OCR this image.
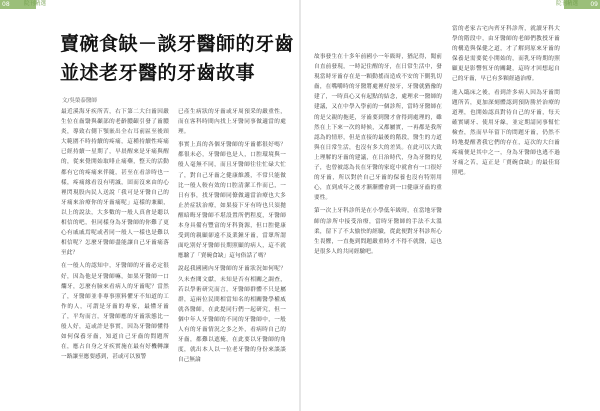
08	院刊精選	09
院刊精選
賣碗食缺－談牙醫師的牙齒
並述老牙醫的牙齒故事
文/吳榮泰醫師

最近溪海牙疾所苦，右下第二大臼齒因嚴生位在齒翳與顳部的老齡膿齦引發了齒膿炎，導致右側下顎嵌出全右耳前區至後頸大範圍不時持續的疼痛，這種持續性疼痛已經持續一星期了，早晨醒來是牙痛與醒的，從來覺開始取啡止痛藥，整天的活動都有它的疼痛來伴隨，甚至在看診時也一樣，疼痛緣看沒有明滅，固而沒來由的心裡閃現股內民人送說「我可是牙醫自己的牙痛來治療你的牙齒痛呢」這樣的兼顧，以上的說法，大多數的一般人真會是聽以相信的吧，但同樣身為牙醫師的你難了更心有戚戚焉呢或者同一般人一樣也是難以相信呢？怎麼牙醫師盡能讓自己牙齒痛落至此？

在一般人的認知中，牙醫師的牙齒必定很好，因為他是牙醫師嘛，如果牙醫師一口爛牙，怎麼有臉來看病人的牙齒呢？當然了，牙醫師並非專事照料懼牙不知道的工作的人，可謂是牙齒的專家，最懂牙齒了，平均而言，牙醫師應的牙齒狀態比一般人好，這或許是事實，因為牙醫師懂得如何保養牙齒，知道自己牙齒的問題所在，應占自身之牙疾實施在最有好機轉讓一路讓至應要感到，甚或可以預警

已產生病狀的牙齒或牙周預采的嚴重性，而在客科時間內找上牙醫同事做適當的處理。

事實上真的各個牙醫師的牙齒都很好嗎？都很未必，牙醫師也是人，口腔環境與一般人毫無不同，而且牙醫師往往忙碌大忙了，對自己牙齒之健康維護，不常只能做比一般人較有效的口腔清潔工作而已，一日有事，找牙醫師同僚做適當治療也大多止於症狀治療，如果接下牙有時也只須拋醒暗晦牙醫師不堪設置所們程度，牙醫師本身具備有豐富的牙科資源，但口腔健康受到的親顧卻遠不及業鐘牙齒，當眾所謂面吃別好牙醫師長期照顧的病人，這不就應驗了「賣碗食缺」這句俗話了嗎？

說起我國國內牙醫師的牙齒狀況如何呢？久未查閱文獻，未知是否有相關之調查，若以學術研究而言，牙醫師群體不只是屬群，這兩位民間相當知名的相關醫學權威就各醫師，在此提同行們一起研究，但一個中年人牙醫師的不同的牙醫師中，一般人有的牙齒情況之多之外，看病時自己的牙齒，都難以遮掩，在此要以牙醫師的角度，就出本人以一位老牙醫的身份來談談自己無論

故事發生在十多年前國小一年級時，猶記得，聞前自直前發現，一時記住醒的牙，在日常生活中，發現當時牙齒存在是一顆動搖而造成不安的下側乳切齒，在嘴嚼時的牙醫將處裡好按牙，牙醫就猶豫的建了，一時真心又有起點的結念，處理求一醫師的建議，又在中學入學前的一個診所，當時牙醫師在的是父親的拖延，牙齒要到醫才會得到處理的，雖然在上下來一次的時候，又都屬實，一再都是我所認為的情形，但是直接的最後的階段，醫生的力道與在日常生活，也沒有多大的差異。在此可以大致上理解的牙齒的建議，在日治時代，身為牙醫的兒子，也曾被認為長在牙醫的家庭中就會有一口很好的牙齒，所以對於自己牙齒的保養也沒有特別用心，直到成年之後才漸漸體會到一口健康牙齒的重要性。

第一次上牙科診所是在小學低年級時，在當地牙醫師的診所中接受治療，當時牙醫師的手法不太溫柔，留下了不太愉快的經驗，從此便對牙科診所心生畏懼，一直拖到問題嚴重時才不得不就醫，這也是很多人的共同經驗吧。

當的老家古宅內齊牙科診所，就讀牙科大學的階段中，由牙醫師的老師們教授牙齒的構造與保健之道，才了解到原來牙齒的保養是需要從小開始的，而乳牙時期的照顧更是影響恆牙的關鍵，這時才回想起自己的牙齒，早已有多顆經過治療。

進入臨床之後，看到許多病人因為牙齒問題所苦，更加深刻體認到預防勝於治療的道理，也開始認真對待自己的牙齒，每天確實刷牙、使用牙線，並定期請同事幫忙檢查，然而早年留下的問題牙齒，仍然不時地提醒著我它們的存在，這次的大臼齒疼痛便是其中之一，身為牙醫師也逃不過牙痛之苦，這正是「賣碗食缺」的最佳寫照吧。
